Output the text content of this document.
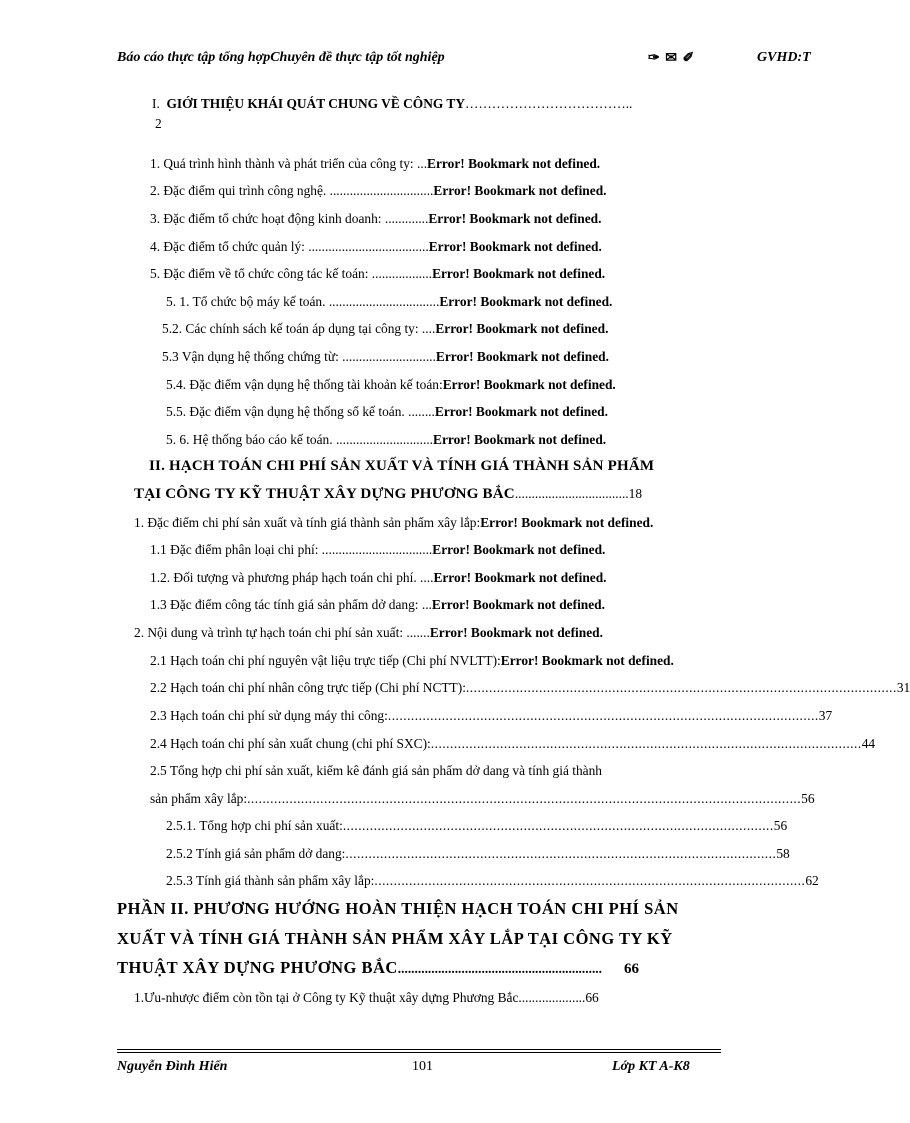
Báo cáo thực tập tổng hợpChuyên đề thực tập tốt nghiệp	✑ ✉ ✐	GVHD:T
I.
GIỚI THIỆU KHÁI QUÁT CHUNG VỀ CÔNG TY ………………………………..
2
1. Quá trình hình thành và phát triển của công ty: ... Error! Bookmark not defined.
2. Đặc điểm qui trình công nghệ. ............................... Error! Bookmark not defined.
3. Đặc điểm tổ chức hoạt động kinh doanh: ............. Error! Bookmark not defined.
4. Đặc điểm tổ chức quản lý: .................................... Error! Bookmark not defined.
5. Đặc điểm về tổ chức công tác kế toán: .................. Error! Bookmark not defined.
5. 1. Tổ chức bộ máy kế toán. ................................. Error! Bookmark not defined.
5.2. Các chính sách kế toán áp dụng tại công ty: .... Error! Bookmark not defined.
5.3 Vận dụng hệ thống chứng từ: ............................ Error! Bookmark not defined.
5.4. Đặc điểm vận dụng hệ thống tài khoản kế toán: Error! Bookmark not defined.
5.5. Đặc điểm vận dụng hệ thống sổ kế toán. ........ Error! Bookmark not defined.
5. 6. Hệ thống báo cáo kế toán. ............................. Error! Bookmark not defined.
II. HẠCH TOÁN CHI PHÍ SẢN XUẤT VÀ TÍNH GIÁ THÀNH SẢN PHẨM
TẠI CÔNG TY KỸ THUẬT XÂY DỰNG PHƯƠNG BẮC .................................. 18
1. Đặc điểm chi phí sản xuất và tính giá thành sản phẩm xây lắp: Error! Bookmark not defined.
1.1 Đặc điểm phân loại chi phí: ................................. Error! Bookmark not defined.
1.2. Đối tượng và phương pháp hạch toán chi phí. .... Error! Bookmark not defined.
1.3 Đặc điểm công tác tính giá sản phẩm dở dang: ... Error! Bookmark not defined.
2. Nội dung và trình tự hạch toán chi phí sản xuất: ....... Error! Bookmark not defined.
2.1 Hạch toán chi phí nguyên vật liệu trực tiếp (Chi phí NVLTT): Error! Bookmark not defined.
2.2 Hạch toán chi phí nhân công trực tiếp (Chi phí NCTT): ................................................................................................................ 31
2.3 Hạch toán chi phí sử dụng máy thi công: ................................................................................................................ 37
2.4 Hạch toán chi phí sản xuất chung (chi phí SXC): ................................................................................................................ 44
2.5 Tổng hợp chi phí sản xuất, kiểm kê đánh giá sản phẩm dở dang và tính giá thành
sản phẩm xây lắp: ................................................................................................................................................ 56
2.5.1. Tổng hợp chi phí sản xuất: ................................................................................................................ 56
2.5.2 Tính giá sản phẩm dở dang: ................................................................................................................ 58
2.5.3 Tính giá thành sản phẩm xây lắp: ................................................................................................................ 62
PHẦN II. PHƯƠNG HƯỚNG HOÀN THIỆN HẠCH TOÁN CHI PHÍ SẢN
XUẤT VÀ TÍNH GIÁ THÀNH SẢN PHẨM XÂY LẮP TẠI CÔNG TY KỸ
THUẬT XÂY DỰNG PHƯƠNG BẮC ............................................................. 66
1.Ưu-nhược điểm còn tồn tại ở Công ty Kỹ thuật xây dựng Phương Bắc .................... 66
Nguyễn Đình Hiển	101	Lớp KT A-K8
